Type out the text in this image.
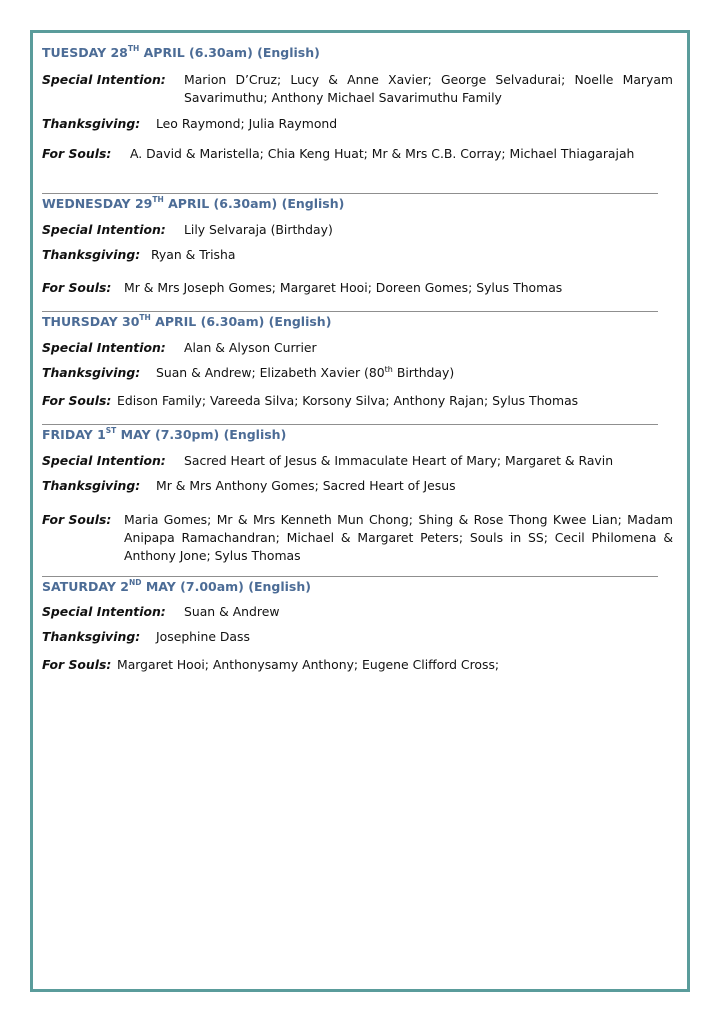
TUESDAY 28TH APRIL (6.30am) (English)
Special Intention: Marion D’Cruz; Lucy & Anne Xavier; George Selvadurai; Noelle Maryam Savarimuthu; Anthony Michael Savarimuthu Family
Thanksgiving: Leo Raymond; Julia Raymond
For Souls: A. David & Maristella; Chia Keng Huat; Mr & Mrs C.B. Corray; Michael Thiagarajah
WEDNESDAY 29TH APRIL (6.30am) (English)
Special Intention: Lily Selvaraja (Birthday)
Thanksgiving: Ryan & Trisha
For Souls: Mr & Mrs Joseph Gomes; Margaret Hooi; Doreen Gomes; Sylus Thomas
THURSDAY 30TH APRIL (6.30am) (English)
Special Intention: Alan & Alyson Currier
Thanksgiving: Suan & Andrew; Elizabeth Xavier (80th Birthday)
For Souls: Edison Family; Vareeda Silva; Korsony Silva; Anthony Rajan; Sylus Thomas
FRIDAY 1ST MAY (7.30pm) (English)
Special Intention: Sacred Heart of Jesus & Immaculate Heart of Mary; Margaret & Ravin
Thanksgiving: Mr & Mrs Anthony Gomes; Sacred Heart of Jesus
For Souls: Maria Gomes; Mr & Mrs Kenneth Mun Chong; Shing & Rose Thong Kwee Lian; Madam Anipapa Ramachandran; Michael & Margaret Peters; Souls in SS; Cecil Philomena & Anthony Jone; Sylus Thomas
SATURDAY 2ND MAY (7.00am) (English)
Special Intention: Suan & Andrew
Thanksgiving: Josephine Dass
For Souls: Margaret Hooi; Anthonysamy Anthony; Eugene Clifford Cross;
